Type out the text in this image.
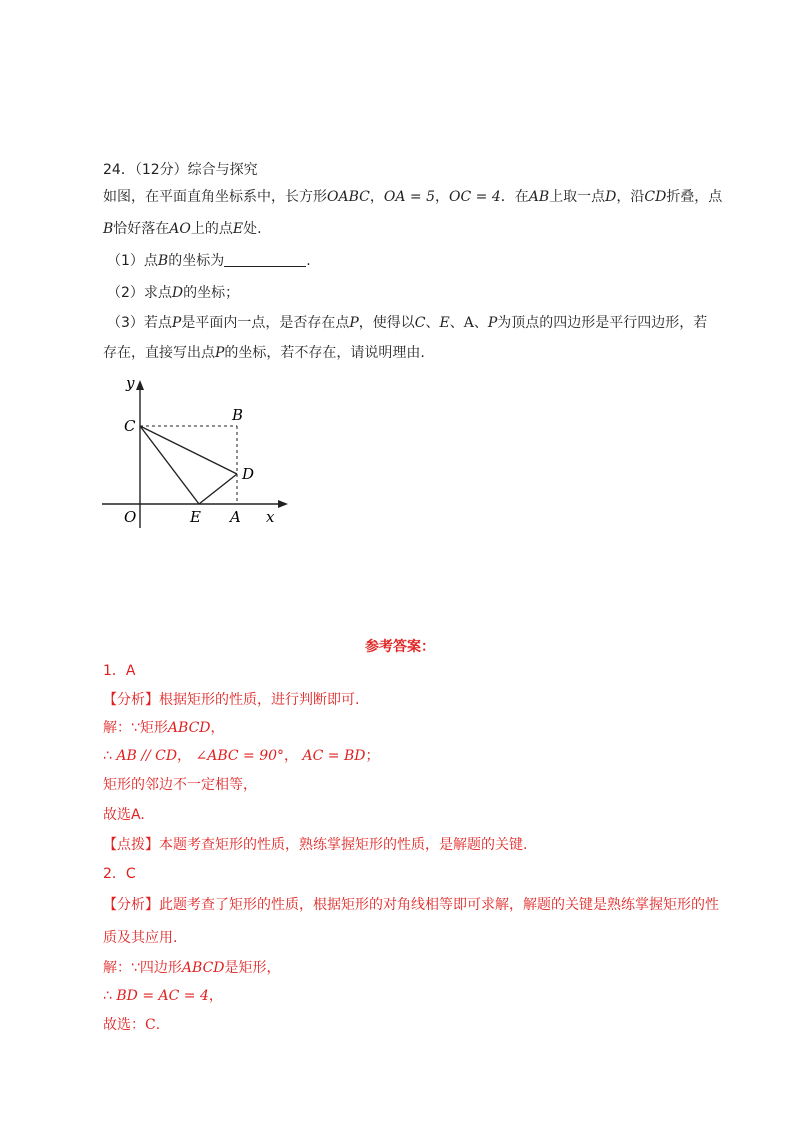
24．（12分）综合与探究
如图，在平面直角坐标系中，长方形OABC，OA = 5，OC = 4．在AB上取一点D，沿CD折叠，点
B恰好落在AO上的点E处.
（1）点B的坐标为	.
（2）求点D的坐标；
（3）若点P是平面内一点，是否存在点P，使得以C、E、A、P为顶点的四边形是平行四边形，若
存在，直接写出点P的坐标，若不存在，请说明理由.
y
x
C
B
D
O	E A
参考答案：
1．A
【分析】根据矩形的性质，进行判断即可.
解：∵矩形ABCD，
∴ AB // CD， ∠ABC = 90°， AC = BD；
矩形的邻边不一定相等，
故选A.
【点拨】本题考查矩形的性质，熟练掌握矩形的性质，是解题的关键.
2．C
【分析】此题考查了矩形的性质，根据矩形的对角线相等即可求解，解题的关键是熟练掌握矩形的性
质及其应用.
解：∵四边形ABCD是矩形，
∴ BD = AC = 4，
故选：C.
